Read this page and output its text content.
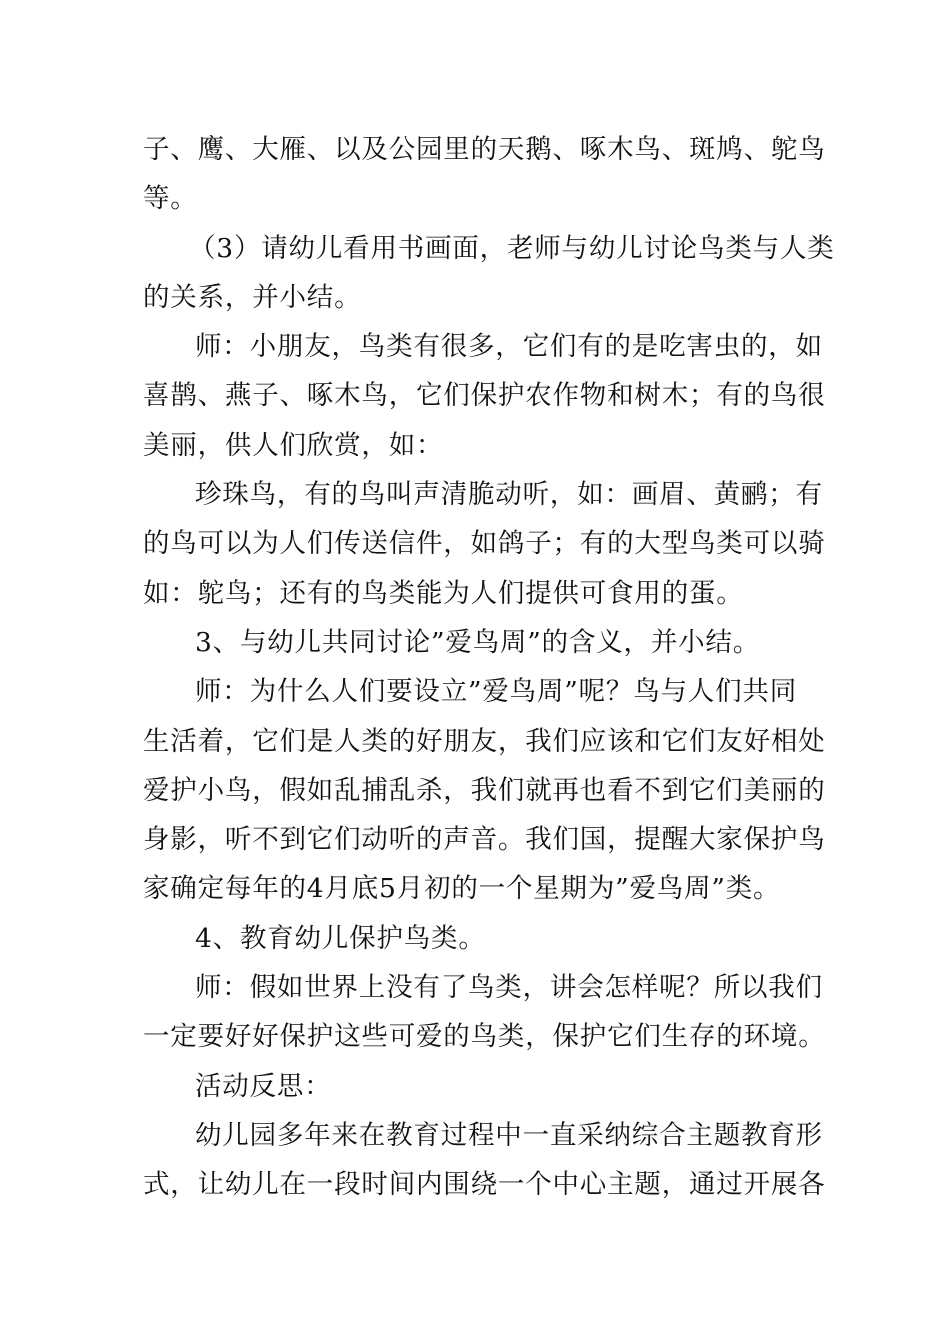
子、鹰、大雁、以及公园里的天鹅、啄木鸟、斑鸠、鸵鸟
等。
（3）请幼儿看用书画面，老师与幼儿讨论鸟类与人类
的关系，并小结。
师：小朋友，鸟类有很多，它们有的是吃害虫的，如
喜鹊、燕子、啄木鸟，它们保护农作物和树木；有的鸟很
美丽，供人们欣赏，如：
珍珠鸟，有的鸟叫声清脆动听，如：画眉、黄鹂；有
的鸟可以为人们传送信件，如鸽子；有的大型鸟类可以骑
如：鸵鸟；还有的鸟类能为人们提供可食用的蛋。
3、与幼儿共同讨论”爱鸟周”的含义，并小结。
师：为什么人们要设立”爱鸟周”呢？鸟与人们共同
生活着，它们是人类的好朋友，我们应该和它们友好相处
爱护小鸟，假如乱捕乱杀，我们就再也看不到它们美丽的
身影，听不到它们动听的声音。我们国，提醒大家保护鸟
家确定每年的4月底5月初的一个星期为”爱鸟周”类。
4、教育幼儿保护鸟类。
师：假如世界上没有了鸟类，讲会怎样呢？所以我们
一定要好好保护这些可爱的鸟类，保护它们生存的环境。
活动反思：
幼儿园多年来在教育过程中一直采纳综合主题教育形
式，让幼儿在一段时间内围绕一个中心主题，通过开展各
